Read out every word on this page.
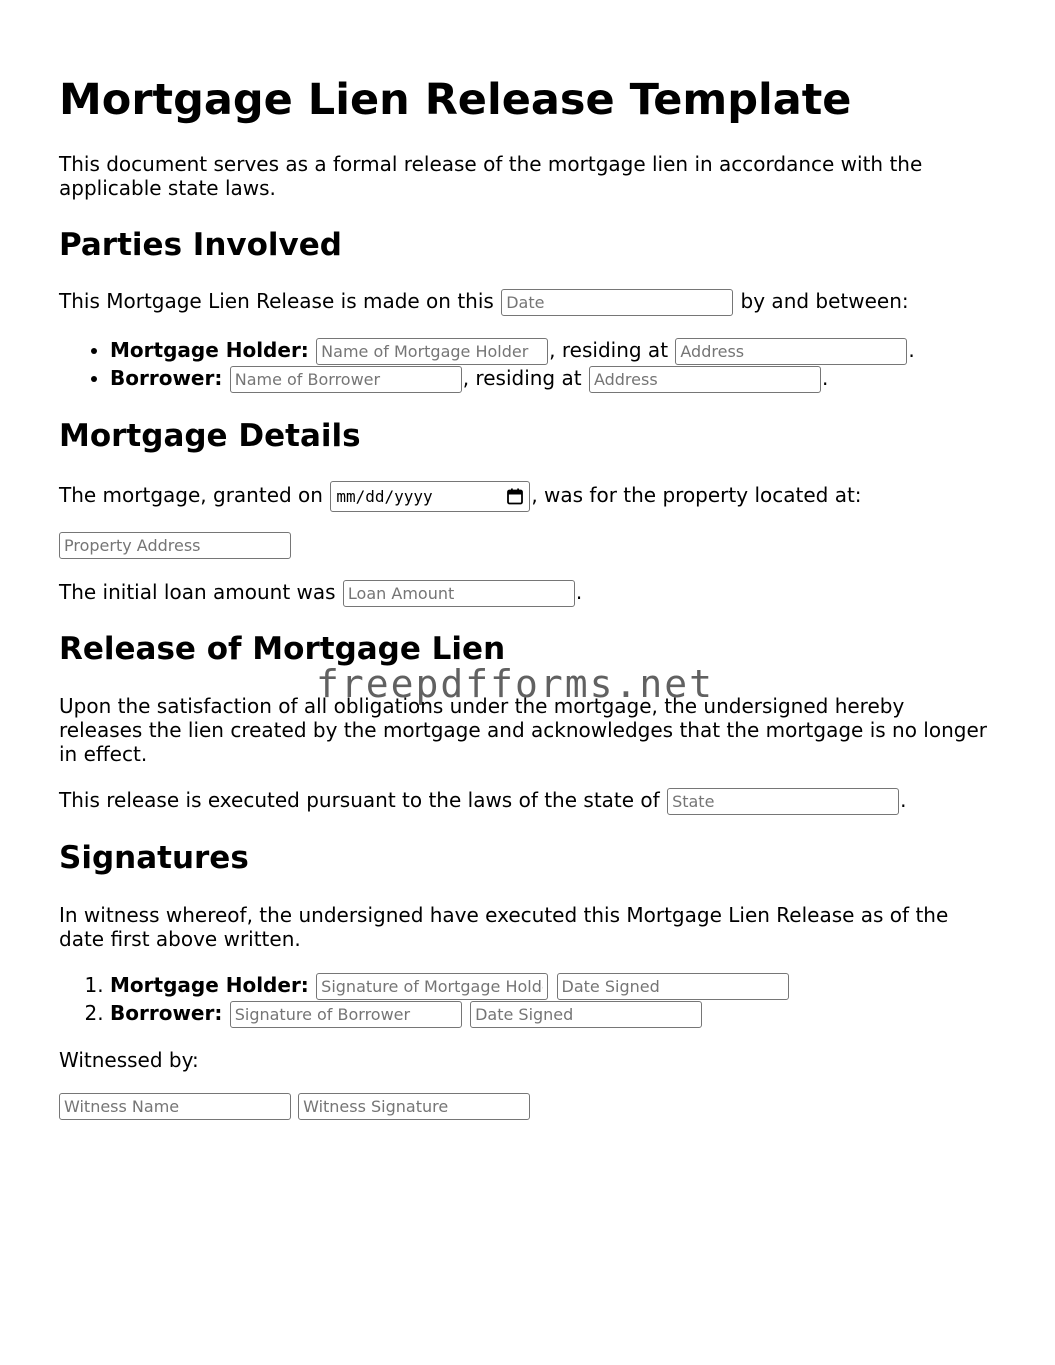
Mortgage Lien Release Template

This document serves as a formal release of the mortgage lien in accordance with the applicable state laws.

Parties Involved

This Mortgage Lien Release is made on this Date	by and between:

• Mortgage Holder: Name of Mortgage Holder	, residing at Address	.
• Borrower: Name of Borrower	, residing at Address	.
Mortgage Details

The mortgage, granted on mm/dd/yyyy	, was for the property located at:

Property Address

The initial loan amount was Loan Amount	.

Release of Mortgage Lien

Upon the satisfaction of all obligations under the mortgage, the undersigned hereby releases the lien created by the mortgage and acknowledges that the mortgage is no longer in effect.

This release is executed pursuant to the laws of the state of State	.

Signatures

In witness whereof, the undersigned have executed this Mortgage Lien Release as of the date first above written.

1. Mortgage Holder: Signature of Mortgage Holder Date Signed
2. Borrower: Signature of Borrower Date Signed

Witnessed by:

Witness Name Witness Signature
freepdfforms.net
